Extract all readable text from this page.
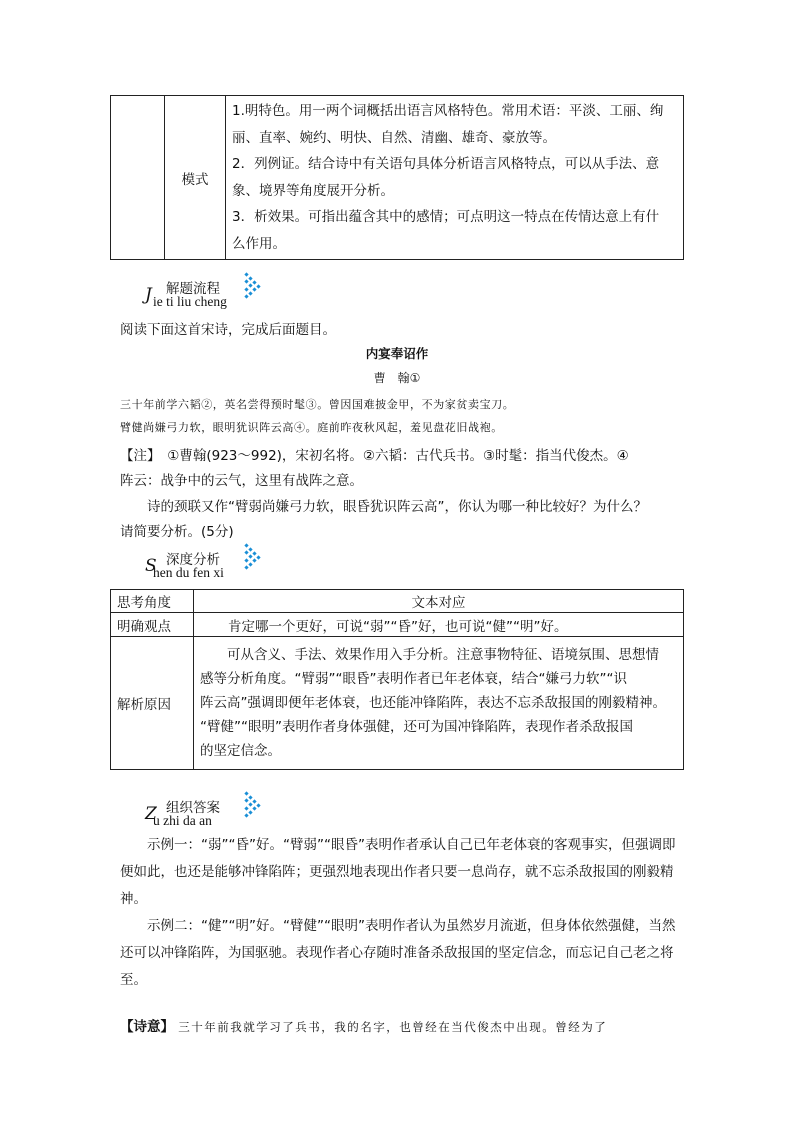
	模式	

1.明特色。用一两个词概括出语言风格特色。常用术语：平淡、工丽、绚

丽、直率、婉约、明快、自然、清幽、雄奇、豪放等。

2．列例证。结合诗中有关语句具体分析语言风格特点，可以从手法、意

象、境界等角度展开分析。

3．析效果。可指出蕴含其中的感情；可点明这一特点在传情达意上有什

么作用。

J 解题流程
ie ti liu cheng
阅读下面这首宋诗，完成后面题目。
内宴奉诏作
曹　翰①
三十年前学六韬②，英名尝得预时髦③。曾因国难披金甲，不为家贫卖宝刀。
臂健尚嫌弓力软，眼明犹识阵云高④。庭前昨夜秋风起，羞见盘花旧战袍。
【注】　①曹翰(923～992)，宋初名将。②六韬：古代兵书。③时髦：指当代俊杰。④
阵云：战争中的云气，这里有战阵之意。
诗的颈联又作“臂弱尚嫌弓力软，眼昏犹识阵云高”，你认为哪一种比较好？为什么？
请简要分析。(5分)
S 深度分析
hen du fen xi
思考角度	文本对应
明确观点	肯定哪一个更好，可说“弱”“昏”好，也可说“健”“明”好。
解析原因	　　可从含义、手法、效果作用入手分析。注意事物特征、语境氛围、思想情
感等分析角度。“臂弱”“眼昏”表明作者已年老体衰，结合“嫌弓力软”“识
阵云高”强调即便年老体衰，也还能冲锋陷阵，表达不忘杀敌报国的刚毅精神。
“臂健”“眼明”表明作者身体强健，还可为国冲锋陷阵，表现作者杀敌报国
的坚定信念。
Z 组织答案
u zhi da an

示例一：“弱”“昏”好。“臂弱”“眼昏”表明作者承认自己已年老体衰的客观事实，但强调即便如此，也还是能够冲锋陷阵；更强烈地表现出作者只要一息尚存，就不忘杀敌报国的刚毅精神。

示例二：“健”“明”好。“臂健”“眼明”表明作者认为虽然岁月流逝，但身体依然强健，当然还可以冲锋陷阵，为国驱驰。表现作者心存随时准备杀敌报国的坚定信念，而忘记自己老之将至。

【诗意】 三十年前我就学习了兵书，我的名字，也曾经在当代俊杰中出现。曾经为了
